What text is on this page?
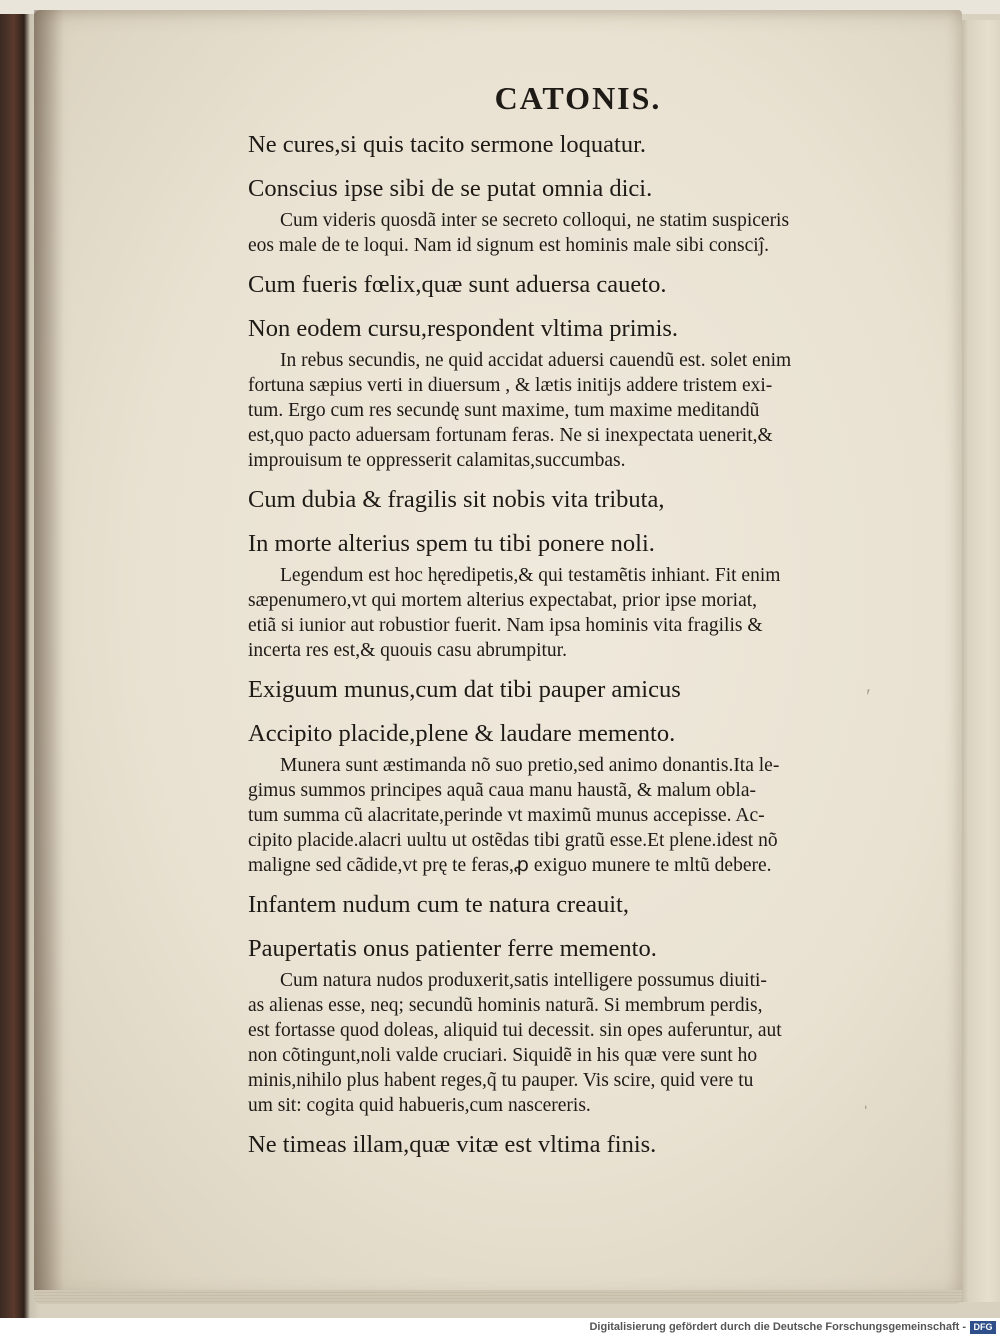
CATONIS.
Ne cures,si quis tacito sermone loquatur.
Conscius ipse sibi de se putat omnia dici.

Cum videris quosdã inter se secreto colloqui, ne statim suspiceris

eos male de te loqui. Nam id signum est hominis male sibi consciĵ.

Cum fueris fœlix,quæ sunt aduersa caueto.
Non eodem cursu,respondent vltima primis.

In rebus secundis, ne quid accidat aduersi cauendũ est. solet enim

fortuna sæpius verti in diuersum , & lætis initijs addere tristem exi-

tum. Ergo cum res secundę sunt maxime, tum maxime meditandũ

est,quo pacto aduersam fortunam feras. Ne si inexpectata uenerit,&

improuisum te oppresserit calamitas,succumbas.

Cum dubia & fragilis sit nobis vita tributa,
In morte alterius spem tu tibi ponere noli.

Legendum est hoc hęredipetis,& qui testamẽtis inhiant. Fit enim

sæpenumero,vt qui mortem alterius expectabat, prior ipse moriat,

etiã si iunior aut robustior fuerit. Nam ipsa hominis vita fragilis &

incerta res est,& quouis casu abrumpitur.

Exiguum munus,cum dat tibi pauper amicus
Accipito placide,plene & laudare memento.

Munera sunt æstimanda nõ suo pretio,sed animo donantis.Ita le-

gimus summos principes aquã caua manu haustã, & malum obla-

tum summa cũ alacritate,perinde vt maximũ munus accepisse. Ac-

cipito placide.alacri uultu ut ostẽdas tibi gratũ esse.Et plene.idest nõ

maligne sed cãdide,vt prę te feras,ꝓ exiguo munere te mltũ debere.

Infantem nudum cum te natura creauit,
Paupertatis onus patienter ferre memento.

Cum natura nudos produxerit,satis intelligere possumus diuiti-

as alienas esse, neq; secundũ hominis naturã. Si membrum perdis,

est fortasse quod doleas, aliquid tui decessit. sin opes auferuntur, aut

non cõtingunt,noli valde cruciari. Siquidẽ in his quæ vere sunt ho

minis,nihilo plus habent reges,q̃ tu pauper. Vis scire, quid vere tu

um sit: cogita quid habueris,cum nascereris.

Ne timeas illam,quæ vitæ est vltima finis.
ʹ
ˌ
Digitalisierung gefördert durch die Deutsche Forschungsgemeinschaft - DFG
